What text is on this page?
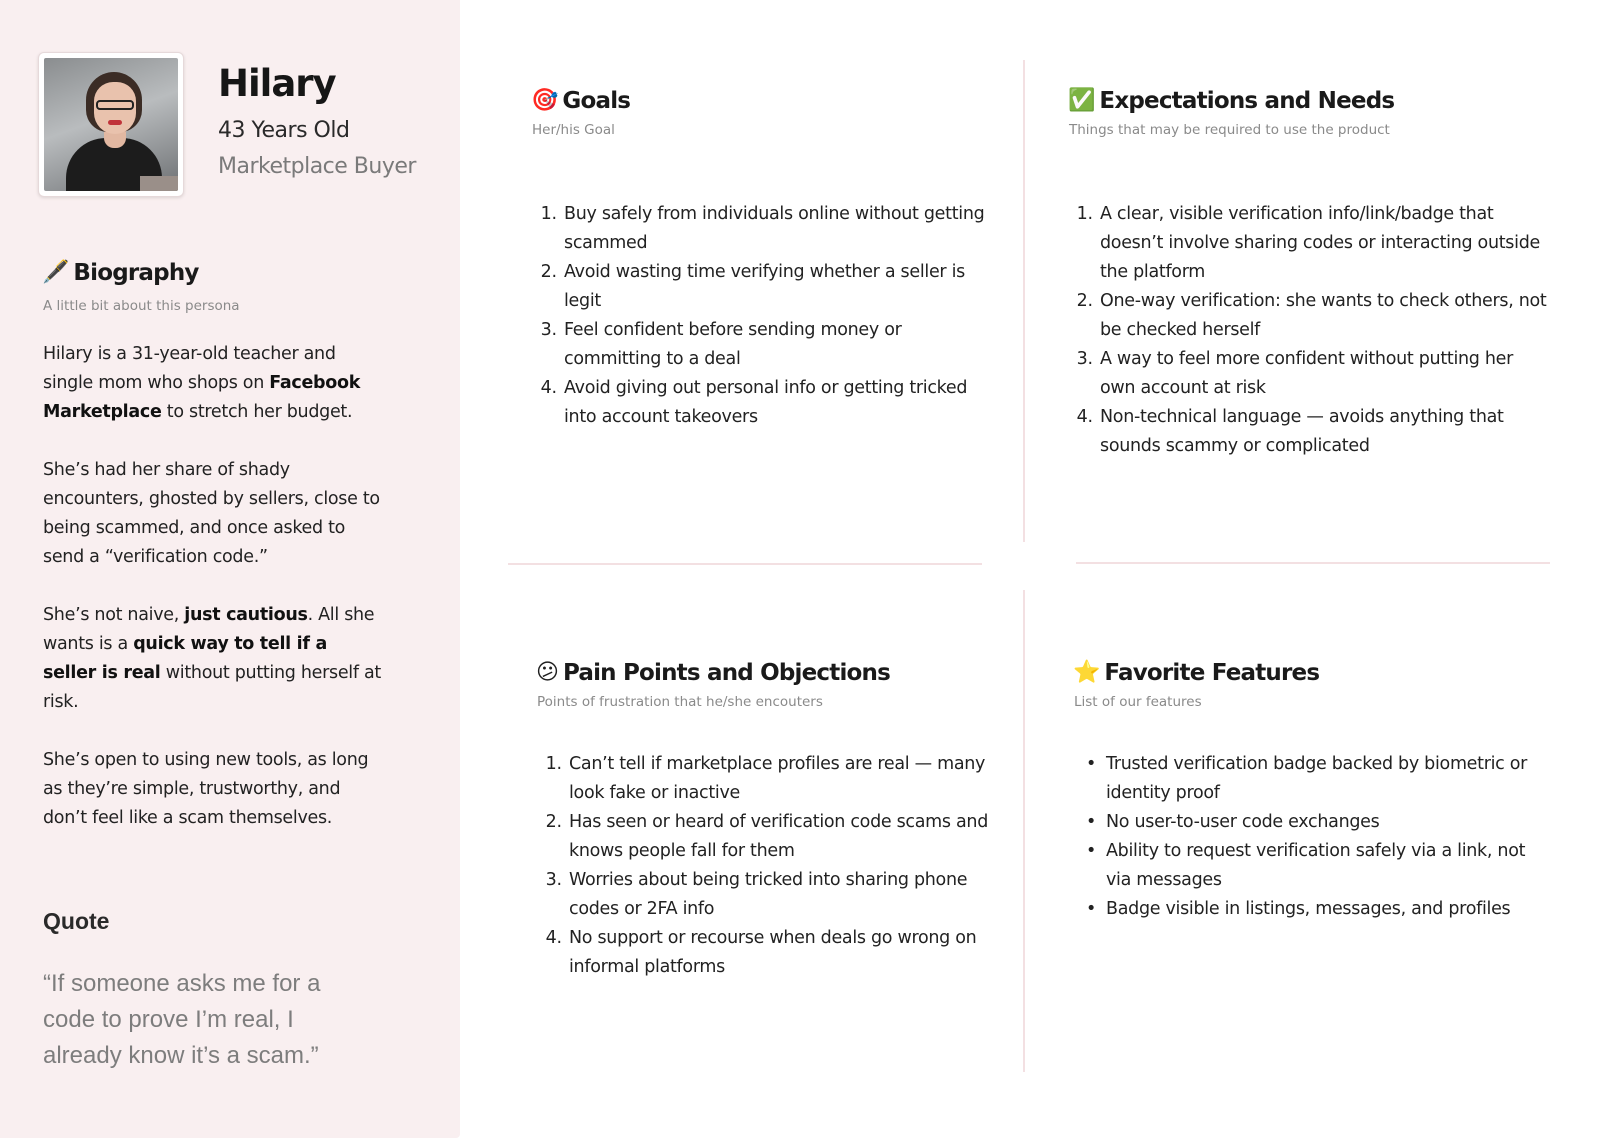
Hilary
43 Years Old
Marketplace Buyer
🖋️ Biography
A little bit about this persona

Hilary is a 31-year-old teacher and single mom who shops on Facebook Marketplace to stretch her budget.

She’s had her share of shady encounters, ghosted by sellers, close to being scammed, and once asked to send a “verification code.”

She’s not naive, just cautious. All she wants is a quick way to tell if a seller is real without putting herself at risk.

She’s open to using new tools, as long as they’re simple, trustworthy, and don’t feel like a scam themselves.

Quote
“If someone asks me for a code to prove I’m real, I already know it’s a scam.”
🎯 Goals
Her/his Goal
1. Buy safely from individuals online without getting scammed
2. Avoid wasting time verifying whether a seller is legit
3. Feel confident before sending money or committing to a deal
4. Avoid giving out personal info or getting tricked into account takeovers
✅ Expectations and Needs
Things that may be required to use the product
1. A clear, visible verification info/link/badge that doesn’t involve sharing codes or interacting outside the platform
2. One-way verification: she wants to check others, not be checked herself
3. A way to feel more confident without putting her own account at risk
4. Non-technical language — avoids anything that sounds scammy or complicated
😕 Pain Points and Objections
Points of frustration that he/she encouters
1. Can’t tell if marketplace profiles are real — many look fake or inactive
2. Has seen or heard of verification code scams and knows people fall for them
3. Worries about being tricked into sharing phone codes or 2FA info
4. No support or recourse when deals go wrong on informal platforms
⭐ Favorite Features
List of our features
• Trusted verification badge backed by biometric or identity proof
• No user-to-user code exchanges
• Ability to request verification safely via a link, not via messages
• Badge visible in listings, messages, and profiles
